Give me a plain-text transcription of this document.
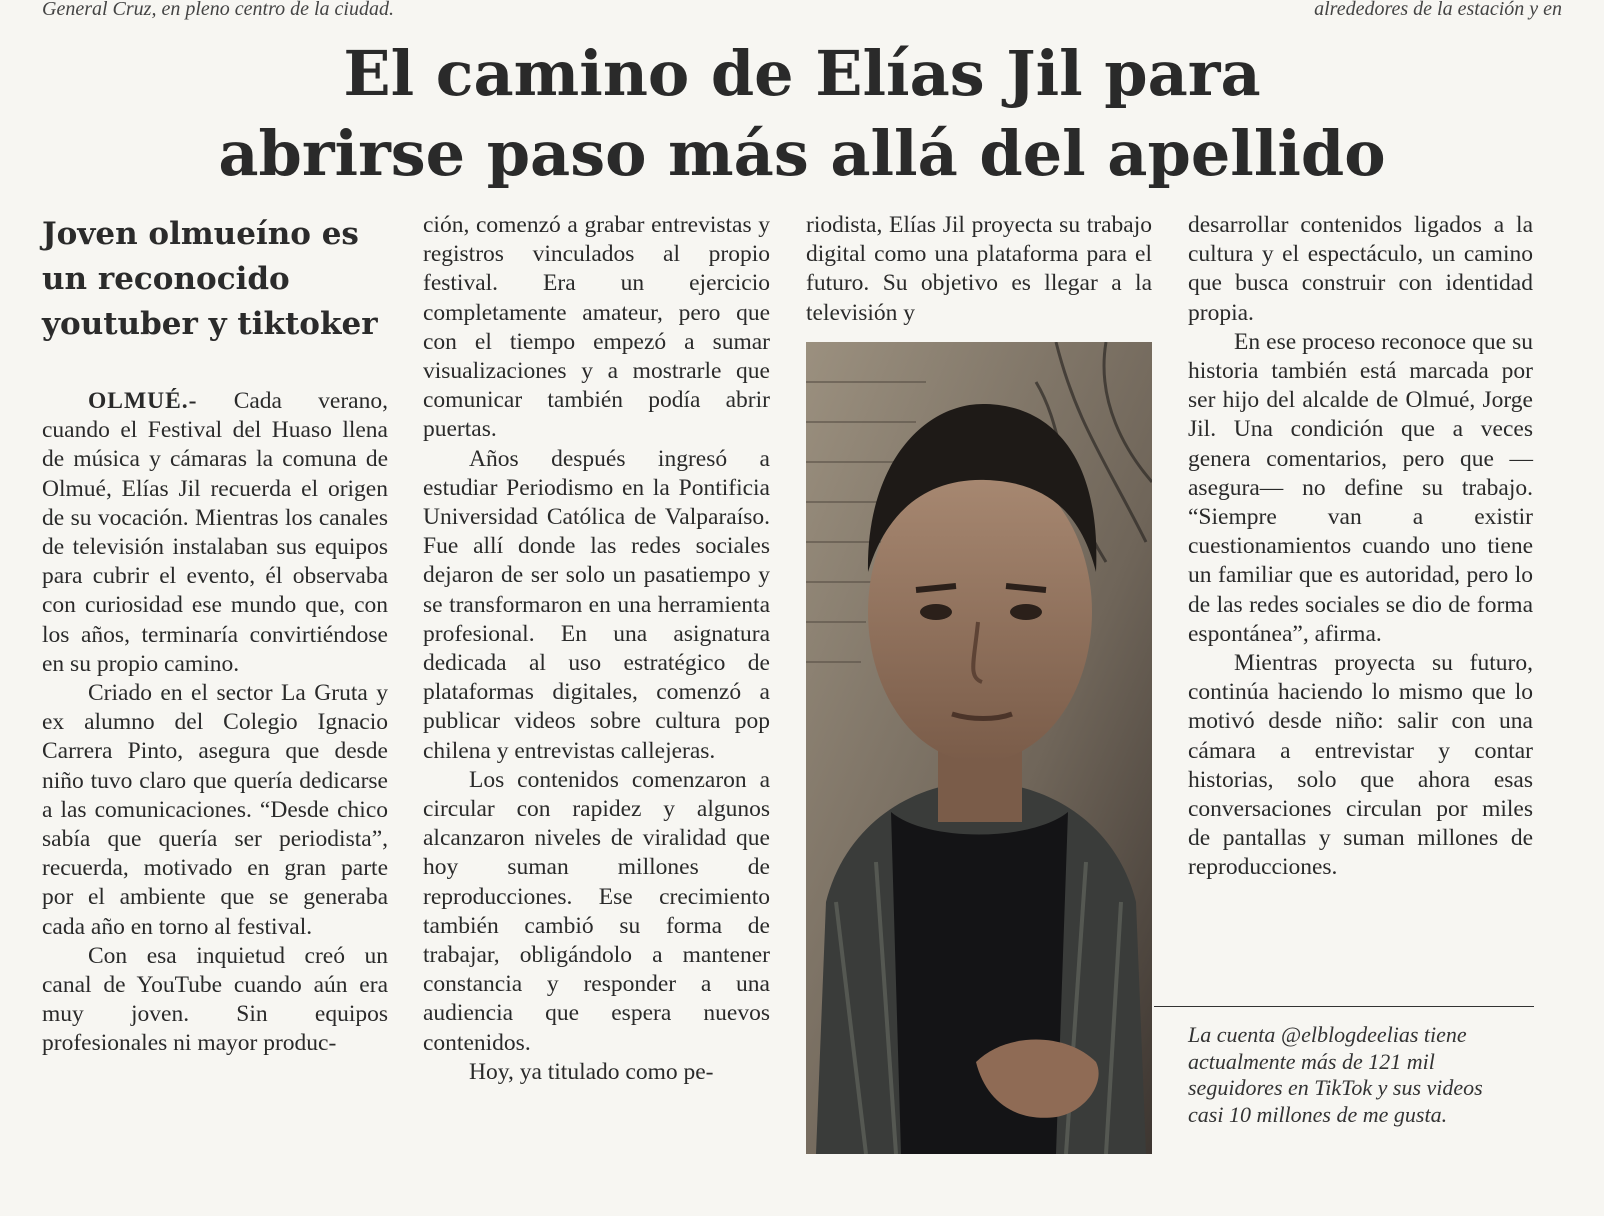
General Cruz, en pleno centro de la ciudad.	alrededores de la estación y en
El camino de Elías Jil para
abrirse paso más allá del apellido
Joven olmueíno es un reconocido youtuber y tiktoker

OLMUÉ.- Cada verano, cuando el Festival del Huaso llena de música y cámaras la comuna de Olmué, Elías Jil recuerda el origen de su vocación. Mientras los canales de televisión instalaban sus equipos para cubrir el evento, él observaba con curiosidad ese mundo que, con los años, terminaría convirtiéndose en su propio camino.

Criado en el sector La Gruta y ex alumno del Colegio Ignacio Carrera Pinto, asegura que desde niño tuvo claro que quería dedicarse a las comunicaciones. “Desde chico sabía que quería ser periodista”, recuerda, motivado en gran parte por el ambiente que se generaba cada año en torno al festival.

Con esa inquietud creó un canal de YouTube cuando aún era muy joven. Sin equipos profesionales ni mayor produc-

ción, comenzó a grabar entrevistas y registros vinculados al propio festival. Era un ejercicio completamente amateur, pero que con el tiempo empezó a sumar visualizaciones y a mostrarle que comunicar también podía abrir puertas.

Años después ingresó a estudiar Periodismo en la Pontificia Universidad Católica de Valparaíso. Fue allí donde las redes sociales dejaron de ser solo un pasatiempo y se transformaron en una herramienta profesional. En una asignatura dedicada al uso estratégico de plataformas digitales, comenzó a publicar videos sobre cultura pop chilena y entrevistas callejeras.

Los contenidos comenzaron a circular con rapidez y algunos alcanzaron niveles de viralidad que hoy suman millones de reproducciones. Ese crecimiento también cambió su forma de trabajar, obligándolo a mantener constancia y responder a una audiencia que espera nuevos contenidos.

Hoy, ya titulado como pe-

riodista, Elías Jil proyecta su trabajo digital como una plataforma para el futuro. Su objetivo es llegar a la televisión y

desarrollar contenidos ligados a la cultura y el espectáculo, un camino que busca construir con identidad propia.

En ese proceso reconoce que su historia también está marcada por ser hijo del alcalde de Olmué, Jorge Jil. Una condición que a veces genera comentarios, pero que —asegura— no define su trabajo. “Siempre van a existir cuestionamientos cuando uno tiene un familiar que es autoridad, pero lo de las redes sociales se dio de forma espontánea”, afirma.

Mientras proyecta su futuro, continúa haciendo lo mismo que lo motivó desde niño: salir con una cámara a entrevistar y contar historias, solo que ahora esas conversaciones circulan por miles de pantallas y suman millones de reproducciones.

La cuenta @elblogdeelias tiene actualmente más de 121 mil seguidores en TikTok y sus videos casi 10 millones de me gusta.
